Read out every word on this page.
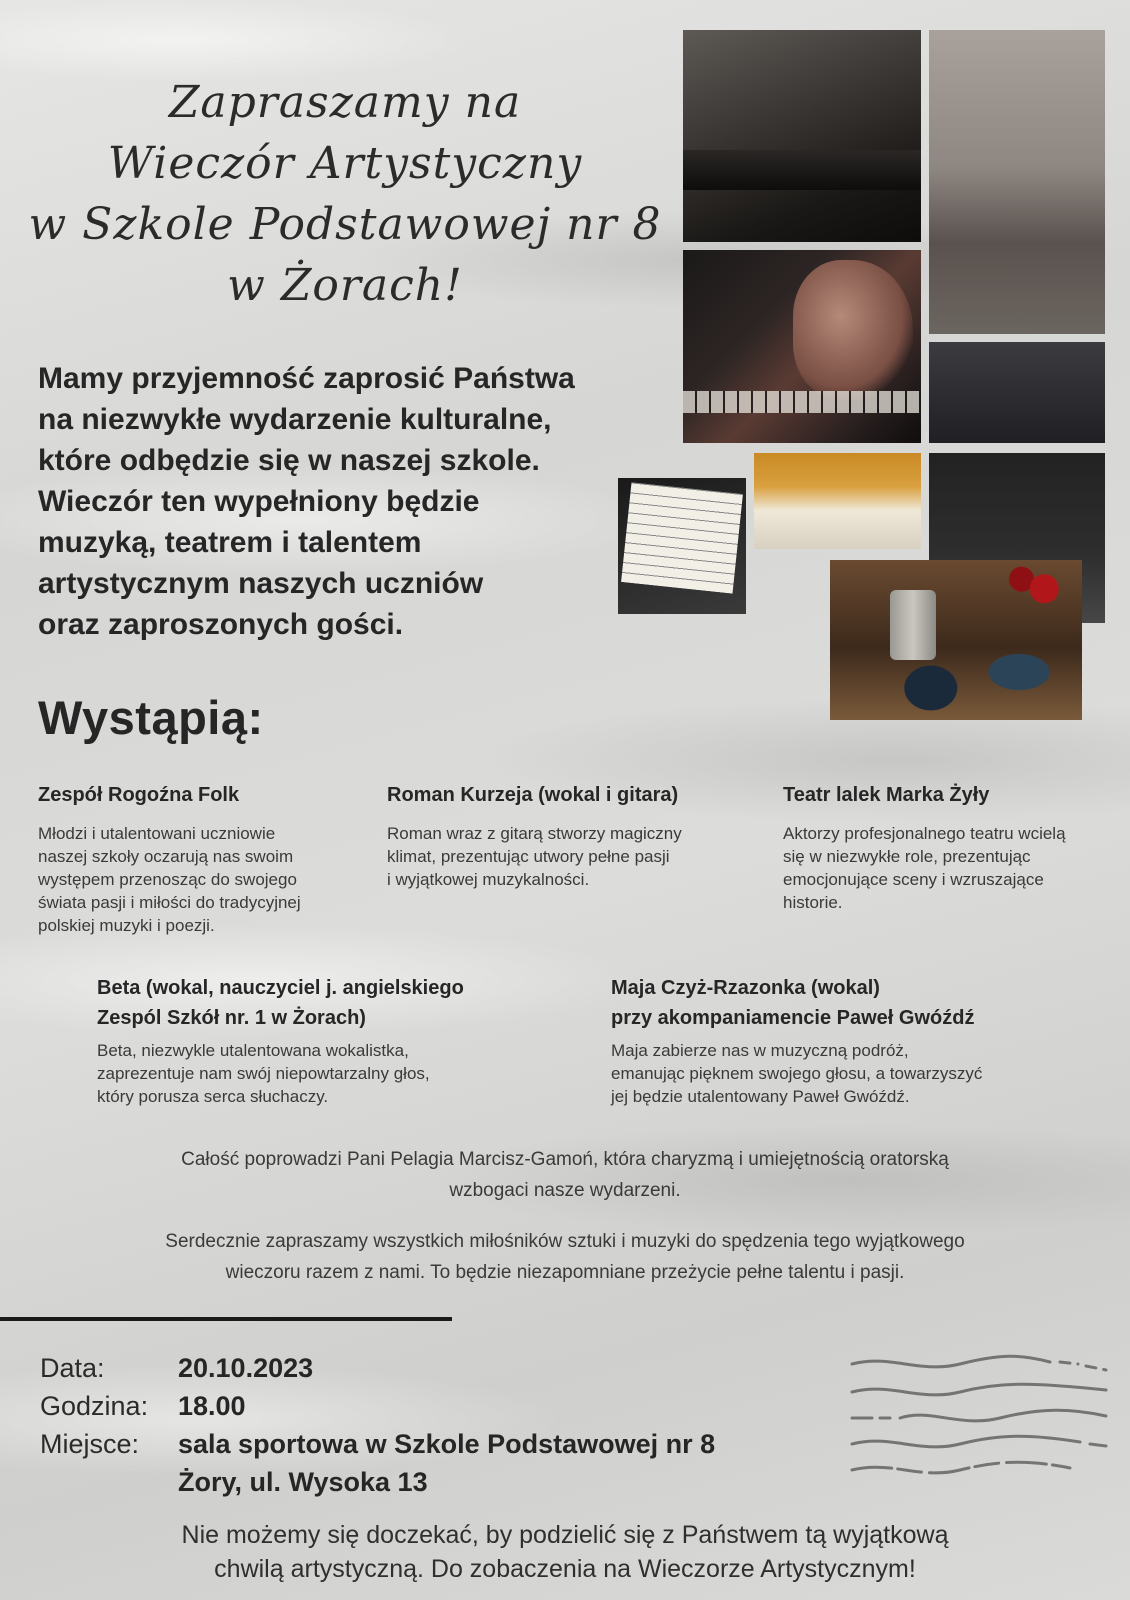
Zapraszamy na
Wieczór Artystyczny
w Szkole Podstawowej nr 8
w Żorach!
Mamy przyjemność zaprosić Państwa
na niezwykłe wydarzenie kulturalne,
które odbędzie się w naszej szkole.
Wieczór ten wypełniony będzie
muzyką, teatrem i talentem
artystycznym naszych uczniów
oraz zaproszonych gości.
Wystąpią:
Zespół Rogoźna Folk
Młodzi i utalentowani uczniowie
naszej szkoły oczarują nas swoim
występem przenosząc do swojego
świata pasji i miłości do tradycyjnej
polskiej muzyki i poezji.
Roman Kurzeja (wokal i gitara)
Roman wraz z gitarą stworzy magiczny
klimat, prezentując utwory pełne pasji
i wyjątkowej muzykalności.
Teatr lalek Marka Żyły
Aktorzy profesjonalnego teatru wcielą
się w niezwykłe role, prezentując
emocjonujące sceny i wzruszające
historie.
Beta (wokal, nauczyciel j. angielskiego
Zespól Szkół nr. 1 w Żorach)
Beta, niezwykle utalentowana wokalistka,
zaprezentuje nam swój niepowtarzalny głos,
który porusza serca słuchaczy.
Maja Czyż-Rzazonka (wokal)
przy akompaniamencie Paweł Gwóźdź
Maja zabierze nas w muzyczną podróż,
emanując pięknem swojego głosu, a towarzyszyć
jej będzie utalentowany Paweł Gwóźdź.
Całość poprowadzi Pani Pelagia Marcisz-Gamoń, która charyzmą i umiejętnością oratorską
wzbogaci nasze wydarzeni.
Serdecznie zapraszamy wszystkich miłośników sztuki i muzyki do spędzenia tego wyjątkowego
wieczoru razem z nami. To będzie niezapomniane przeżycie pełne talentu i pasji.
Data:	20.10.2023
Godzina: 18.00
Miejsce: sala sportowa w Szkole Podstawowej nr 8
Żory, ul. Wysoka 13
Nie możemy się doczekać, by podzielić się z Państwem tą wyjątkową
chwilą artystyczną. Do zobaczenia na Wieczorze Artystycznym!
